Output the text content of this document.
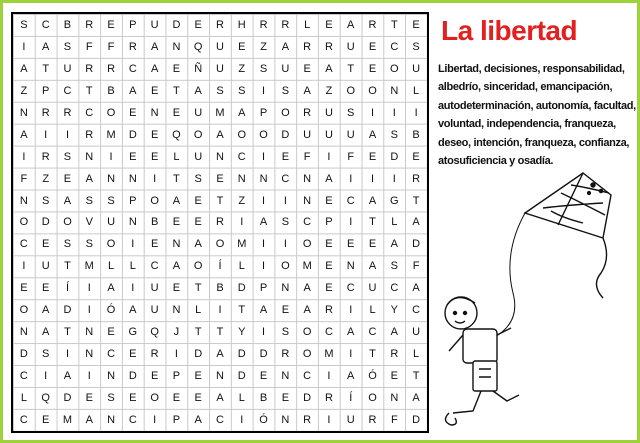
S	C	B	R	E	P	U	D	E	R	H	R	R	L	E	A	R	T	E
I	A	S	F	F	R	A	N	Q	U	E	Z	A	R	R	U	E	C	S
A	T	U	R	R	C	A	E	Ñ	U	Z	S	U	E	A	T	E	O	U
Z	P	C	T	B	A	E	T	A	S	S	I	S	A	Z	O	O	N	L
N	R	R	C	O	E	N	E	U	M	A	P	O	R	U	S	I	I	I
A	I	I	R	M	D	E	Q	O	A	O	O	D	U	U	U	A	S	B
I	R	S	N	I	E	E	L	U	N	C	I	E	F	I	F	E	D	E
F	Z	E	A	N	N	I	T	S	E	N	N	C	N	A	I	I	I	R
N	S	A	S	S	P	O	A	E	T	Z	I	I	N	E	C	A	G	T
O	D	O	V	U	N	B	E	E	R	I	A	S	C	P	I	T	L	A
C	E	S	S	O	I	E	N	A	O	M	I	I	O	E	E	E	A	D
I	U	T	M	L	L	C	A	O	Í	L	I	O	M	E	N	A	S	F
E	E	Í	I	A	I	U	E	T	B	D	P	N	A	E	C	U	C	A
O	A	D	I	Ó	A	U	N	L	I	T	A	E	A	R	I	L	Y	C
N	A	T	N	E	G	Q	J	T	T	Y	I	S	O	C	A	C	A	U
D	S	I	N	C	E	R	I	D	A	D	D	R	O	M	I	T	R	L
C	I	A	I	N	D	E	P	E	N	D	E	N	C	I	A	Ó	E	T
L	Q	D	E	S	E	O	E	E	A	L	B	E	D	R	Í	O	N	A
C	E	M	A	N	C	I	P	A	C	I	Ó	N	R	I	U	R	F	D
La libertad
Libertad, decisiones, responsabilidad, albedrío, sinceridad, emancipación, autodeterminación, autonomía, facultad, voluntad, independencia, franqueza, deseo, intención, franqueza, confianza, atosuficiencia y osadía.
